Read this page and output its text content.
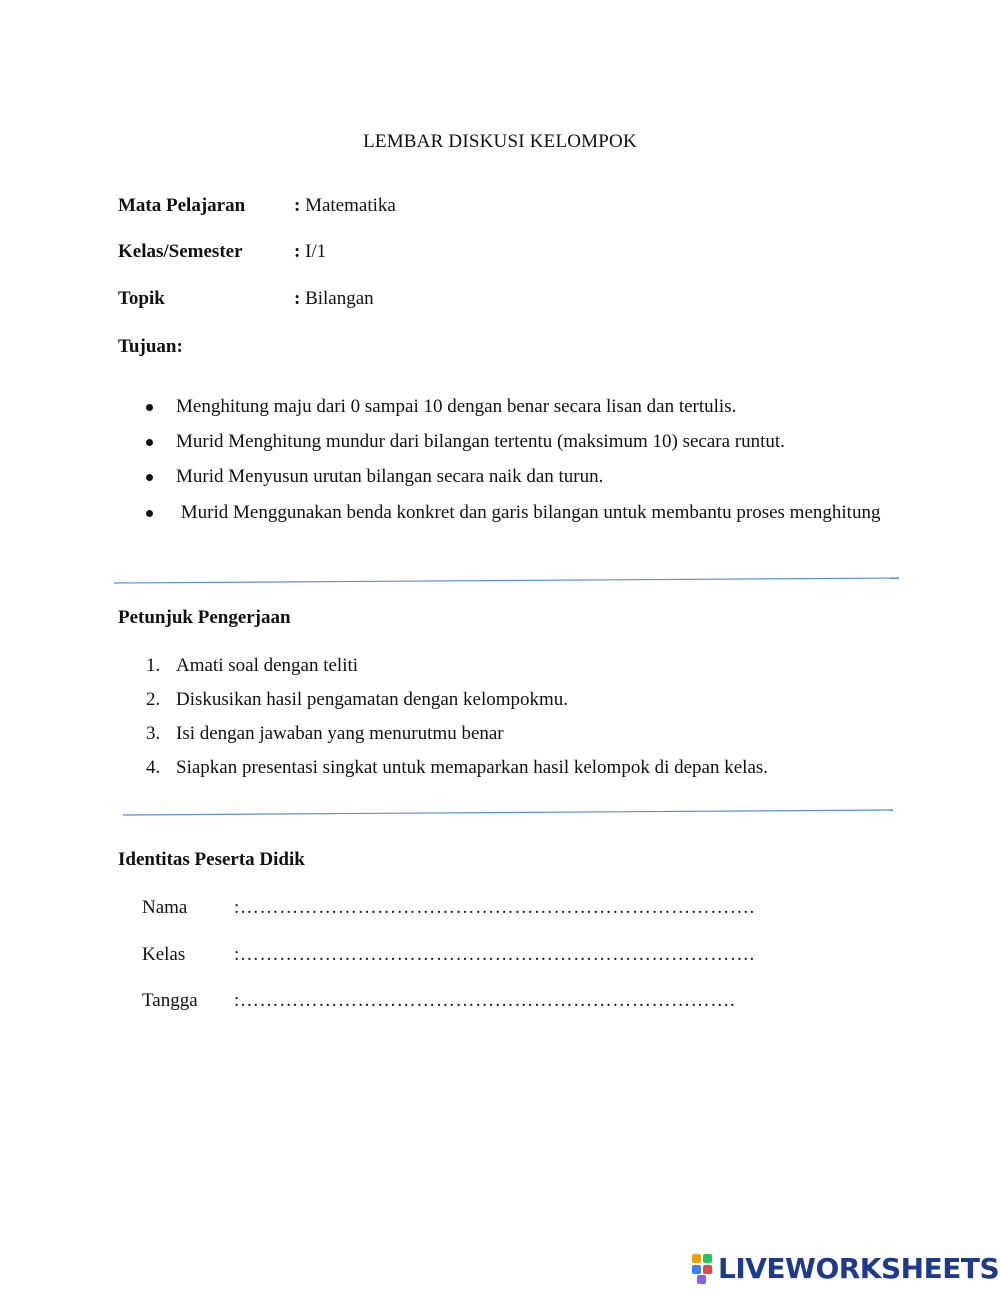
LEMBAR DISKUSI KELOMPOK
Mata Pelajaran	: Matematika
Kelas/Semester	: I/1
Topik	: Bilangan
Tujuan:
Menghitung maju dari 0 sampai 10 dengan benar secara lisan dan tertulis.
Murid Menghitung mundur dari bilangan tertentu (maksimum 10) secara runtut.
Murid Menyusun urutan bilangan secara naik dan turun.
Murid Menggunakan benda konkret dan garis bilangan untuk membantu proses menghitung
Petunjuk Pengerjaan
1. Amati soal dengan teliti
2. Diskusikan hasil pengamatan dengan kelompokmu.
3. Isi dengan jawaban yang menurutmu benar
4. Siapkan presentasi singkat untuk memaparkan hasil kelompok di depan kelas.
Identitas Peserta Didik
Nama :…………………………………………………………………….
Kelas	:…………………………………………………………………….
Tangga :………………………………………………………………….
LIVEWORKSHEETS
